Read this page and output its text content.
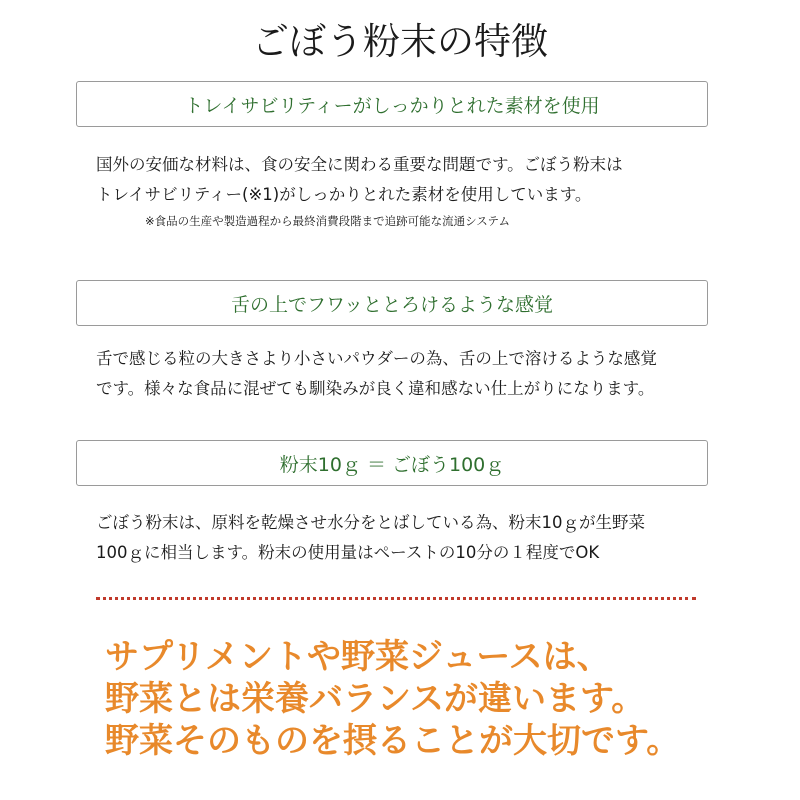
ごぼう粉末の特徴
トレイサビリティーがしっかりとれた素材を使用

国外の安価な材料は、食の安全に関わる重要な問題です。ごぼう粉末は

トレイサビリティー(※1)がしっかりとれた素材を使用しています。

※食品の生産や製造過程から最終消費段階まで追跡可能な流通システム
舌の上でフワッととろけるような感覚

舌で感じる粒の大きさより小さいパウダーの為、舌の上で溶けるような感覚

です。様々な食品に混ぜても馴染みが良く違和感ない仕上がりになります。

粉末10ｇ ＝ ごぼう100ｇ

ごぼう粉末は、原料を乾燥させ水分をとばしている為、粉末10ｇが生野菜

100ｇに相当します。粉末の使用量はペーストの10分の１程度でOK

サプリメントや野菜ジュースは、

野菜とは栄養バランスが違います。

野菜そのものを摂ることが大切です。
